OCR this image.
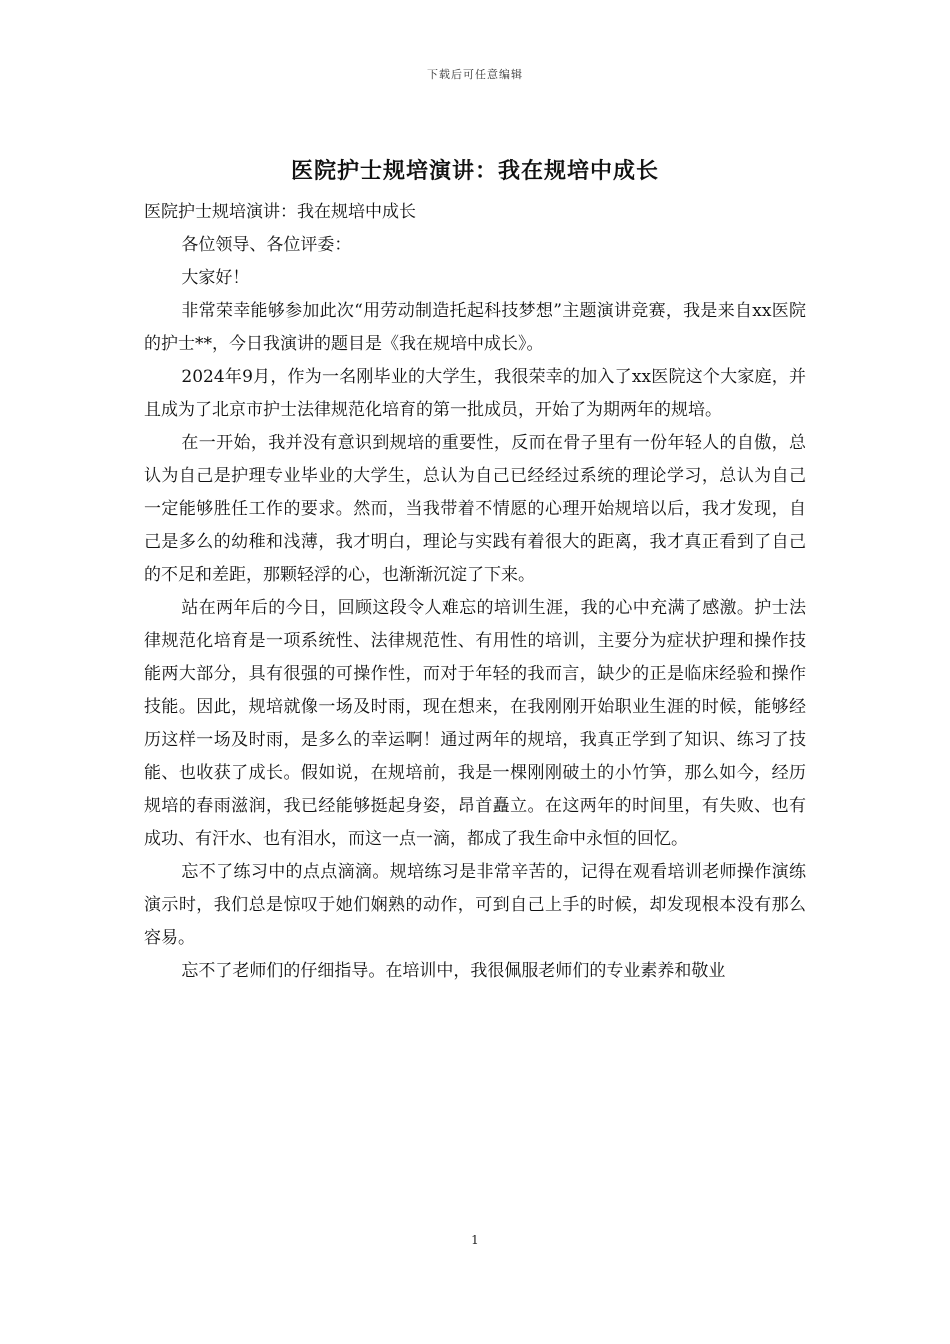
下载后可任意编辑
医院护士规培演讲：我在规培中成长

医院护士规培演讲：我在规培中成长

各位领导、各位评委：

大家好！

非常荣幸能够参加此次“用劳动制造托起科技梦想”主题演讲竞赛，我是来自xx医院的护士**，今日我演讲的题目是《我在规培中成长》。

2024年9月，作为一名刚毕业的大学生，我很荣幸的加入了xx医院这个大家庭，并且成为了北京市护士法律规范化培育的第一批成员，开始了为期两年的规培。

在一开始，我并没有意识到规培的重要性，反而在骨子里有一份年轻人的自傲，总认为自己是护理专业毕业的大学生，总认为自己已经经过系统的理论学习，总认为自己一定能够胜任工作的要求。然而，当我带着不情愿的心理开始规培以后，我才发现，自己是多么的幼稚和浅薄，我才明白，理论与实践有着很大的距离，我才真正看到了自己的不足和差距，那颗轻浮的心，也渐渐沉淀了下来。

站在两年后的今日，回顾这段令人难忘的培训生涯，我的心中充满了感激。护士法律规范化培育是一项系统性、法律规范性、有用性的培训，主要分为症状护理和操作技能两大部分，具有很强的可操作性，而对于年轻的我而言，缺少的正是临床经验和操作技能。因此，规培就像一场及时雨，现在想来，在我刚刚开始职业生涯的时候，能够经历这样一场及时雨，是多么的幸运啊！通过两年的规培，我真正学到了知识、练习了技能、也收获了成长。假如说，在规培前，我是一棵刚刚破土的小竹笋，那么如今，经历规培的春雨滋润，我已经能够挺起身姿，昂首矗立。在这两年的时间里，有失败、也有成功、有汗水、也有泪水，而这一点一滴，都成了我生命中永恒的回忆。

忘不了练习中的点点滴滴。规培练习是非常辛苦的，记得在观看培训老师操作演练演示时，我们总是惊叹于她们娴熟的动作，可到自己上手的时候，却发现根本没有那么容易。

忘不了老师们的仔细指导。在培训中，我很佩服老师们的专业素养和敬业

1
